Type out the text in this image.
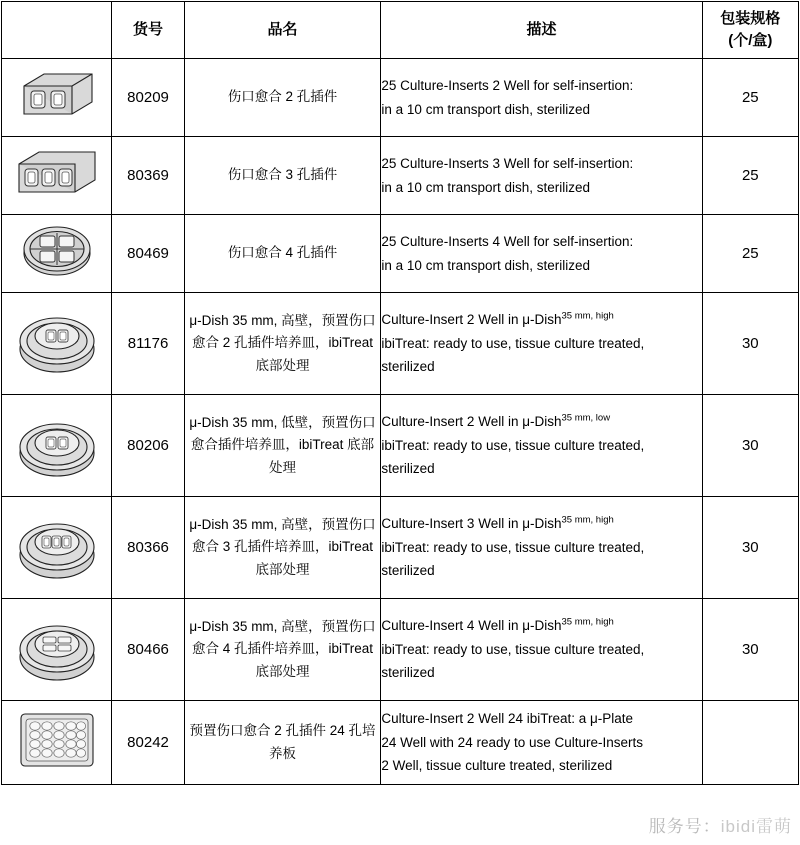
	货号	品名	描述	包装规格
(个/盒)

	80209	伤口愈合 2 孔插件	25 Culture-Inserts 2 Well for self-insertion:
in a 10 cm transport dish, sterilized	25

	80369	伤口愈合 3 孔插件	25 Culture-Inserts 3 Well for self-insertion:
in a 10 cm transport dish, sterilized	25

	80469	伤口愈合 4 孔插件	25 Culture-Inserts 4 Well for self-insertion:
in a 10 cm transport dish, sterilized	25

	81176	μ-Dish 35 mm, 高壁，预置伤口愈合 2 孔插件培养皿，ibiTreat 底部处理	Culture-Insert 2 Well in μ-Dish$^{35 mm, high}$
ibiTreat: ready to use, tissue culture treated,
sterilized	30

	80206	μ-Dish 35 mm, 低壁，预置伤口愈合插件培养皿，ibiTreat 底部处理	Culture-Insert 2 Well in μ-Dish$^{35 mm, low}$
ibiTreat: ready to use, tissue culture treated,
sterilized	30

	80366	μ-Dish 35 mm, 高壁，预置伤口愈合 3 孔插件培养皿，ibiTreat 底部处理	Culture-Insert 3 Well in μ-Dish$^{35 mm, high}$
ibiTreat: ready to use, tissue culture treated,
sterilized	30

	80466	μ-Dish 35 mm, 高壁，预置伤口愈合 4 孔插件培养皿，ibiTreat 底部处理	Culture-Insert 4 Well in μ-Dish$^{35 mm, high}$
ibiTreat: ready to use, tissue culture treated,
sterilized	30

	80242	预置伤口愈合 2 孔插件 24 孔培养板	Culture-Insert 2 Well 24 ibiTreat: a μ-Plate
24 Well with 24 ready to use Culture-Inserts
2 Well, tissue culture treated, sterilized	

服务号：ibidi雷萌
